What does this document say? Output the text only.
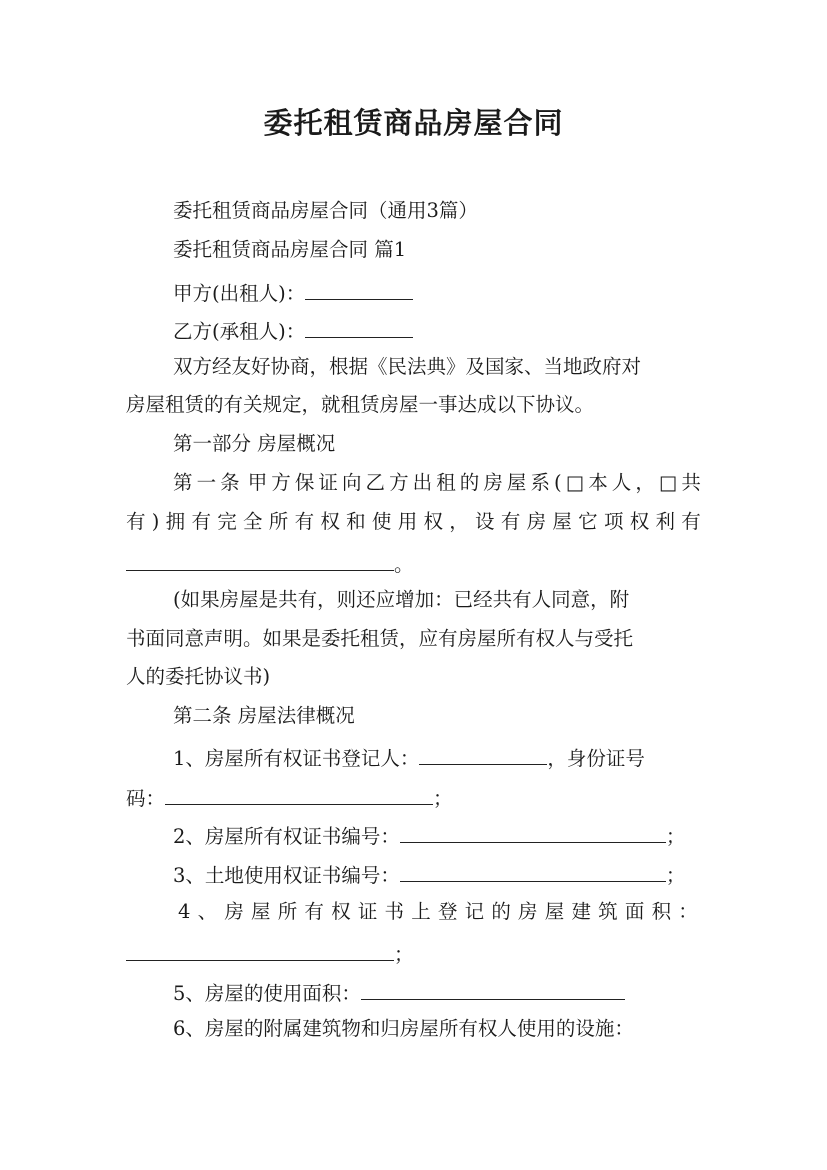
委托租赁商品房屋合同
委托租赁商品房屋合同（通用3篇）
委托租赁商品房屋合同 篇1
甲方(出租人)：
乙方(承租人)：
双方经友好协商，根据《民法典》及国家、当地政府对
房屋租赁的有关规定，就租赁房屋一事达成以下协议。
第一部分 房屋概况
第 一 条 甲 方 保 证 向 乙 方 出 租 的 房 屋 系 ( □ 本 人 ， □ 共
有 ) 拥 有 完 全 所 有 权 和 使 用 权 ， 设 有 房 屋 它 项 权 利 有
。
(如果房屋是共有，则还应增加：已经共有人同意，附
书面同意声明。如果是委托租赁，应有房屋所有权人与受托
人的委托协议书)
第二条 房屋法律概况
1、房屋所有权证书登记人：	，身份证号
码：	；
2、房屋所有权证书编号：	；
3、土地使用权证书编号：	；
4 、 房 屋 所 有 权 证 书 上 登 记 的 房 屋 建 筑 面 积 ：
；
5、房屋的使用面积：
6、房屋的附属建筑物和归房屋所有权人使用的设施：
